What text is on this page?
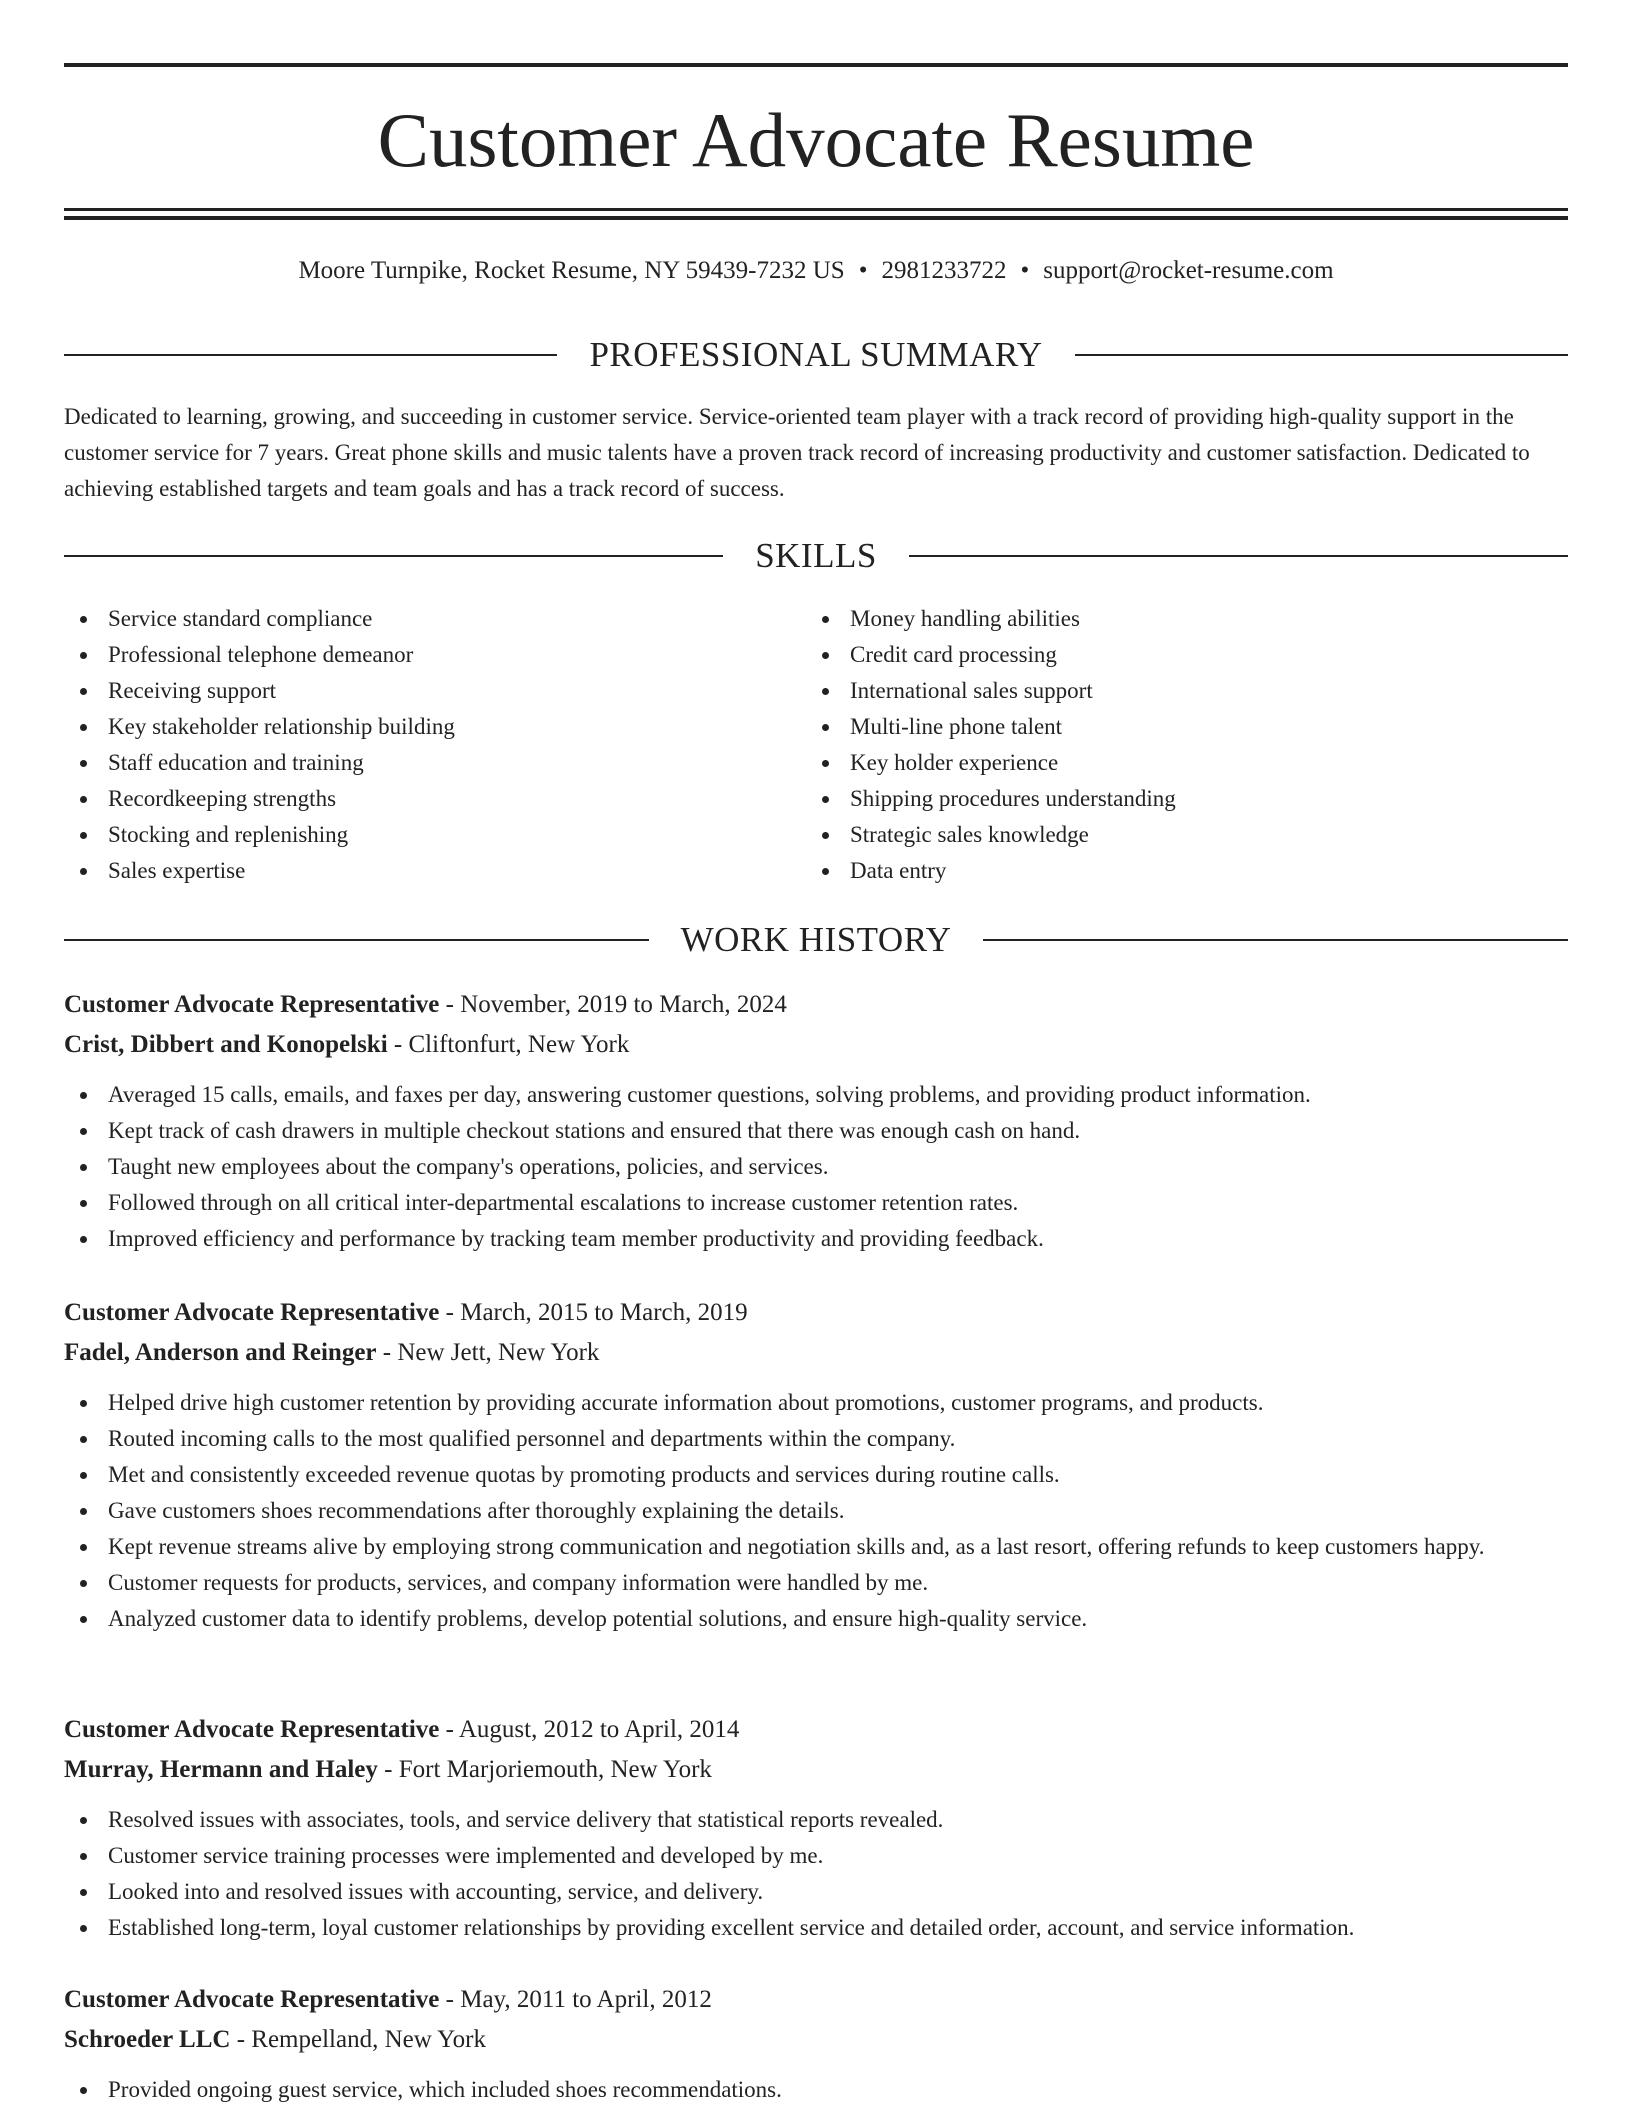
Customer Advocate Resume
Moore Turnpike, Rocket Resume, NY 59439-7232 US • 2981233722 • support@rocket-resume.com
PROFESSIONAL SUMMARY

Dedicated to learning, growing, and succeeding in customer service. Service-oriented team player with a track record of providing high-quality support in the customer service for 7 years. Great phone skills and music talents have a proven track record of increasing productivity and customer satisfaction. Dedicated to achieving established targets and team goals and has a track record of success.

SKILLS
Service standard compliance
Professional telephone demeanor
Receiving support
Key stakeholder relationship building
Staff education and training
Recordkeeping strengths
Stocking and replenishing
Sales expertise
Money handling abilities
Credit card processing
International sales support
Multi-line phone talent
Key holder experience
Shipping procedures understanding
Strategic sales knowledge
Data entry
WORK HISTORY
Customer Advocate Representative - November, 2019 to March, 2024
Crist, Dibbert and Konopelski - Cliftonfurt, New York
Averaged 15 calls, emails, and faxes per day, answering customer questions, solving problems, and providing product information.
Kept track of cash drawers in multiple checkout stations and ensured that there was enough cash on hand.
Taught new employees about the company's operations, policies, and services.
Followed through on all critical inter-departmental escalations to increase customer retention rates.
Improved efficiency and performance by tracking team member productivity and providing feedback.
Customer Advocate Representative - March, 2015 to March, 2019
Fadel, Anderson and Reinger - New Jett, New York
Helped drive high customer retention by providing accurate information about promotions, customer programs, and products.
Routed incoming calls to the most qualified personnel and departments within the company.
Met and consistently exceeded revenue quotas by promoting products and services during routine calls.
Gave customers shoes recommendations after thoroughly explaining the details.
Kept revenue streams alive by employing strong communication and negotiation skills and, as a last resort, offering refunds to keep customers happy.
Customer requests for products, services, and company information were handled by me.
Analyzed customer data to identify problems, develop potential solutions, and ensure high-quality service.
Customer Advocate Representative - August, 2012 to April, 2014
Murray, Hermann and Haley - Fort Marjoriemouth, New York
Resolved issues with associates, tools, and service delivery that statistical reports revealed.
Customer service training processes were implemented and developed by me.
Looked into and resolved issues with accounting, service, and delivery.
Established long-term, loyal customer relationships by providing excellent service and detailed order, account, and service information.
Customer Advocate Representative - May, 2011 to April, 2012
Schroeder LLC - Rempelland, New York
Provided ongoing guest service, which included shoes recommendations.
